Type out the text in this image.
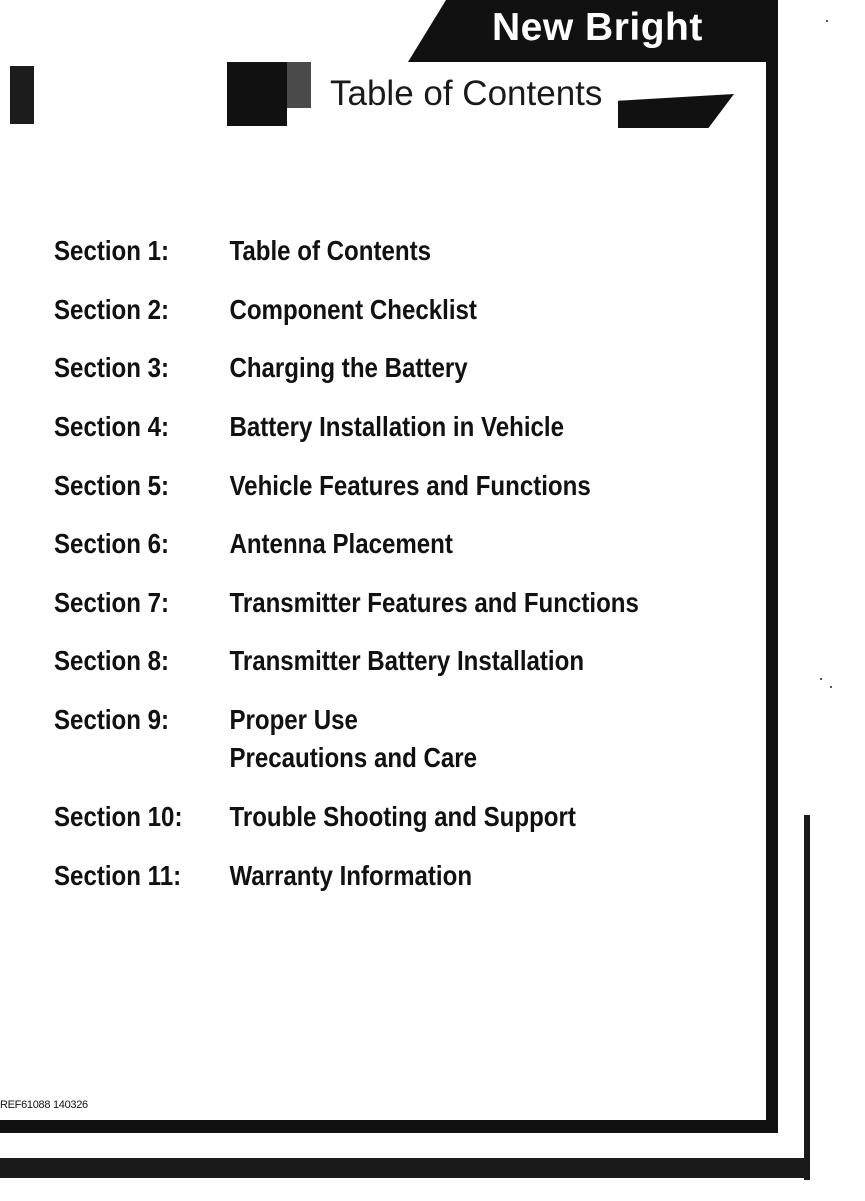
New Bright
Table of Contents
Section 1: Table of Contents
Section 2: Component Checklist
Section 3: Charging the Battery
Section 4: Battery Installation in Vehicle
Section 5: Vehicle Features and Functions
Section 6: Antenna Placement
Section 7: Transmitter Features and Functions
Section 8: Transmitter Battery Installation
Section 9: Proper Use
Precautions and Care
Section 10: Trouble Shooting and Support
Section 11: Warranty Information
REF61088 140326
